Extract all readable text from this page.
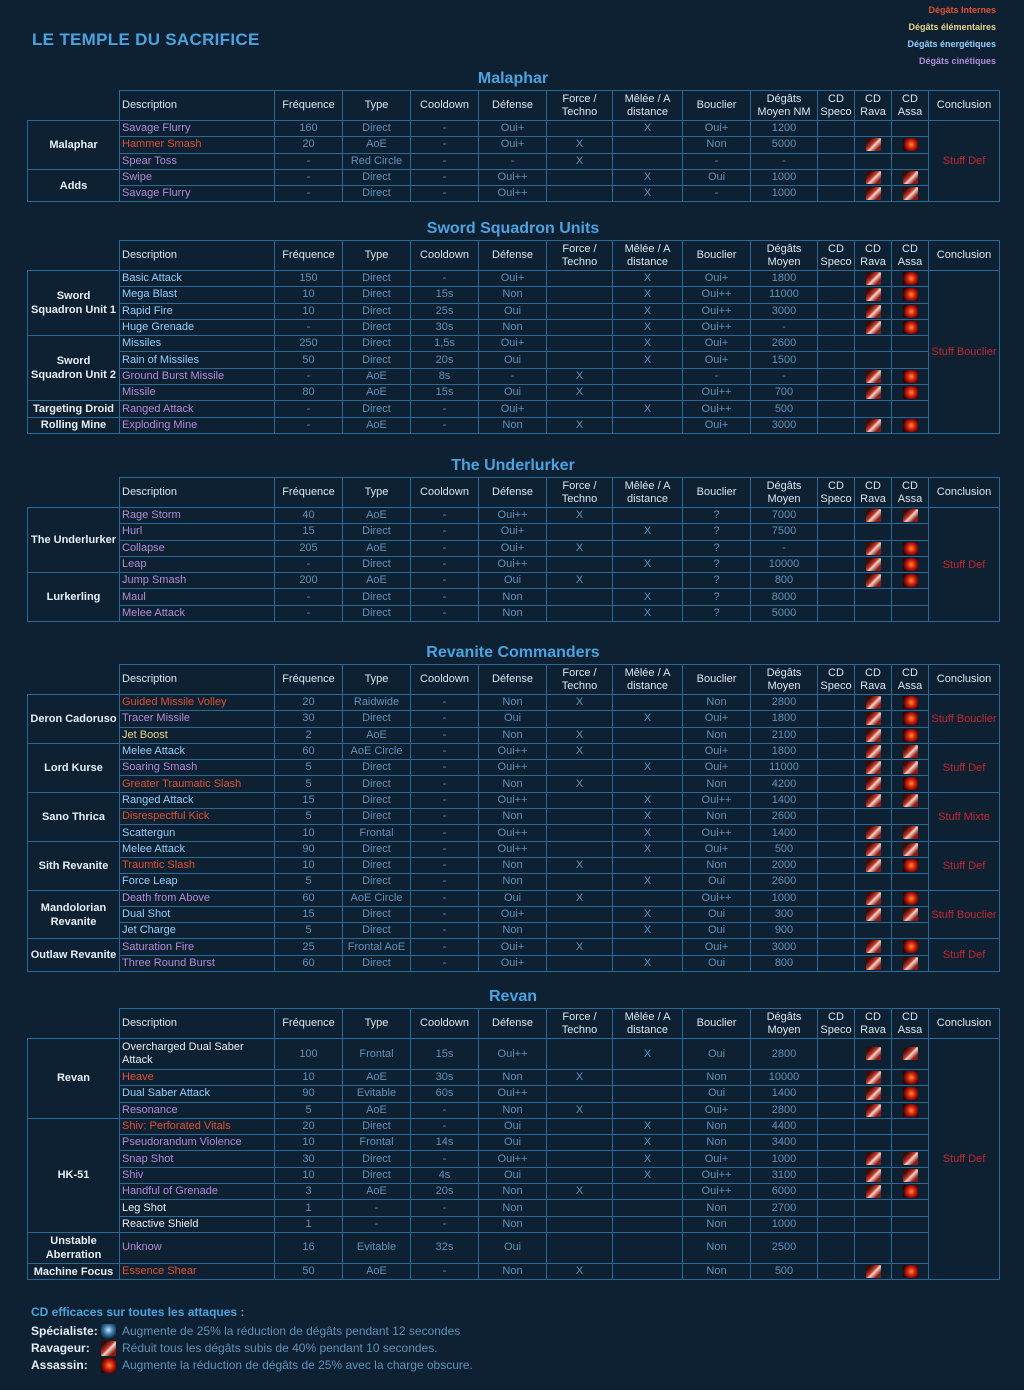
LE TEMPLE DU SACRIFICE
Dégâts Internes
Dégâts élémentaires
Dégâts énergétiques
Dégâts cinétiques
Malaphar
	Description	Fréquence	Type	Cooldown	Défense	Force / Techno	Mêlée / A distance	Bouclier	Dégâts Moyen NM	CD Speco	CD Rava	CD Assa	Conclusion
Malaphar	Savage Flurry	160	Direct	-	Oui+		X	Oui+	1200				Stuff Def
	Hammer Smash	20	AoE	-	Oui+	X		Non	5000				
	Spear Toss	-	Red Circle	-	-	X		-	-				
Adds	Swipe	-	Direct	-	Oui++		X	Oui	1000				
	Savage Flurry	-	Direct	-	Oui++		X	-	1000				
Sword Squadron Units
	Description	Fréquence	Type	Cooldown	Défense	Force / Techno	Mêlée / A distance	Bouclier	Dégâts Moyen	CD Speco	CD Rava	CD Assa	Conclusion
Sword Squadron Unit 1	Basic Attack	150	Direct	-	Oui+		X	Oui+	1800				Stuff Bouclier
	Mega Blast	10	Direct	15s	Non		X	Oui++	11000				
	Rapid Fire	10	Direct	25s	Oui		X	Oui++	3000				
	Huge Grenade	-	Direct	30s	Non		X	Oui++	-				
Sword Squadron Unit 2	Missiles	250	Direct	1,5s	Oui+		X	Oui+	2600				
	Rain of Missiles	50	Direct	20s	Oui		X	Oui+	1500				
	Ground Burst Missile	-	AoE	8s	-	X		-	-				
	Missile	80	AoE	15s	Oui	X		Oui++	700				
Targeting Droid	Ranged Attack	-	Direct	-	Oui+		X	Oui++	500				
Rolling Mine	Exploding Mine	-	AoE	-	Non	X		Oui+	3000				
The Underlurker
	Description	Fréquence	Type	Cooldown	Défense	Force / Techno	Mêlée / A distance	Bouclier	Dégâts Moyen	CD Speco	CD Rava	CD Assa	Conclusion
The Underlurker	Rage Storm	40	AoE	-	Oui++	X		?	7000				Stuff Def
	Hurl	15	Direct	-	Oui+		X	?	7500				
	Collapse	205	AoE	-	Oui+	X		?	-				
	Leap	-	Direct	-	Oui++		X	?	10000				
Lurkerling	Jump Smash	200	AoE	-	Oui	X		?	800				
	Maul	-	Direct	-	Non		X	?	8000				
	Melee Attack	-	Direct	-	Non		X	?	5000				
Revanite Commanders
	Description	Fréquence	Type	Cooldown	Défense	Force / Techno	Mêlée / A distance	Bouclier	Dégâts Moyen	CD Speco	CD Rava	CD Assa	Conclusion
Deron Cadoruso	Guided Missile Volley	20	Raidwide	-	Non	X		Non	2800				Stuff Bouclier
	Tracer Missile	30	Direct	-	Oui		X	Oui+	1800				
	Jet Boost	2	AoE	-	Non	X		Non	2100				
Lord Kurse	Melee Attack	60	AoE Circle	-	Oui++	X		Oui+	1800				Stuff Def
	Soaring Smash	5	Direct	-	Oui++		X	Oui+	11000				
	Greater Traumatic Slash	5	Direct	-	Non	X		Non	4200				
Sano Thrica	Ranged Attack	15	Direct	-	Oui++		X	Oui++	1400				Stuff Mixte
	Disrespectful Kick	5	Direct	-	Non		X	Non	2600				
	Scattergun	10	Frontal	-	Oui++		X	Oui++	1400				
Sith Revanite	Melee Attack	90	Direct	-	Oui++		X	Oui+	500				Stuff Def
	Traumtic Slash	10	Direct	-	Non	X		Non	2000				
	Force Leap	5	Direct	-	Non		X	Oui	2600				
Mandolorian Revanite	Death from Above	60	AoE Circle	-	Oui	X		Oui++	1000				Stuff Bouclier
	Dual Shot	15	Direct	-	Oui+		X	Oui	300				
	Jet Charge	5	Direct	-	Non		X	Oui	900				
Outlaw Revanite	Saturation Fire	25	Frontal AoE	-	Oui+	X		Oui+	3000				Stuff Def
	Three Round Burst	60	Direct	-	Oui+		X	Oui	800				
Revan
	Description	Fréquence	Type	Cooldown	Défense	Force / Techno	Mêlée / A distance	Bouclier	Dégâts Moyen	CD Speco	CD Rava	CD Assa	Conclusion
Revan	Overcharged Dual Saber Attack	100	Frontal	15s	Oui++		X	Oui	2800				Stuff Def
	Heave	10	AoE	30s	Non	X		Non	10000				
	Dual Saber Attack	90	Evitable	60s	Oui++			Oui	1400				
	Resonance	5	AoE	-	Non	X		Oui+	2800				
HK-51	Shiv: Perforated Vitals	20	Direct	-	Oui		X	Non	4400				
	Pseudorandum Violence	10	Frontal	14s	Oui		X	Non	3400				
	Snap Shot	30	Direct	-	Oui++		X	Oui+	1000				
	Shiv	10	Direct	4s	Oui		X	Oui++	3100				
	Handful of Grenade	3	AoE	20s	Non	X		Oui++	6000				
	Leg Shot	1	-	-	Non			Non	2700				
	Reactive Shield	1	-	-	Non			Non	1000				
Unstable Aberration	Unknow	16	Evitable	32s	Oui			Non	2500				
Machine Focus	Essence Shear	50	AoE	-	Non	X		Non	500				
CD efficaces sur toutes les attaques :
Spécialiste: Augmente de 25% la réduction de dégâts pendant 12 secondes
Ravageur:	Réduit tous les dégâts subis de 40% pendant 10 secondes.
Assassin:	Augmente la réduction de dégâts de 25% avec la charge obscure.
